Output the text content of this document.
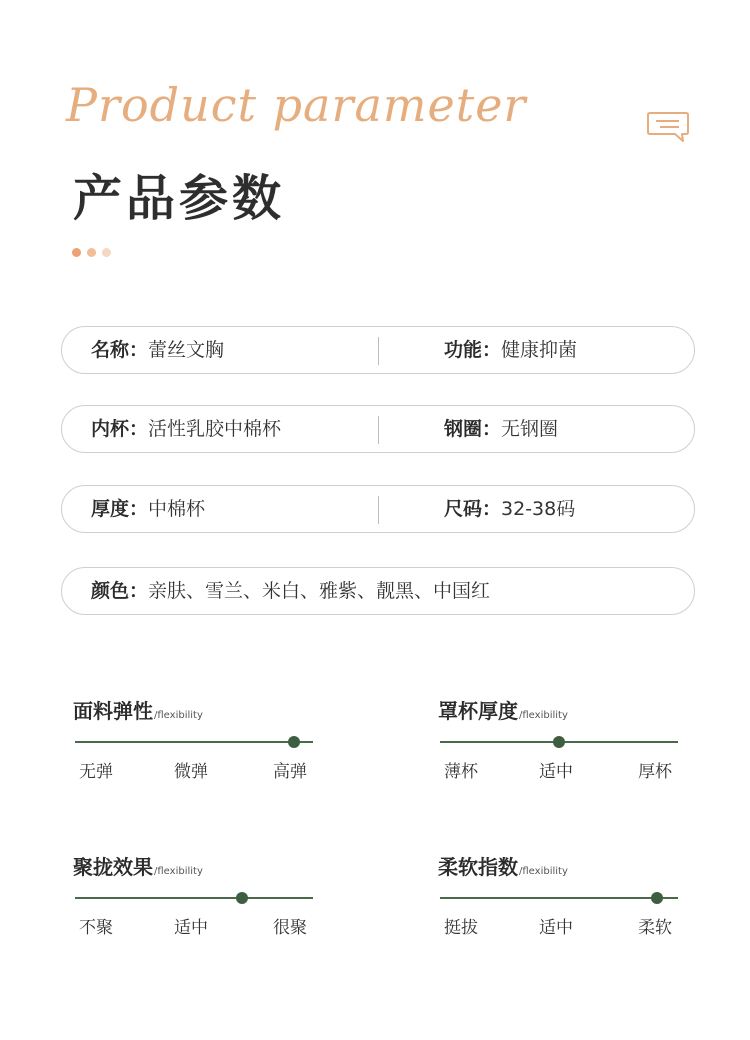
Product parameter
产品参数
名称：蕾丝文胸	功能：健康抑菌
内杯：活性乳胶中棉杯	钢圈：无钢圈
厚度：中棉杯	尺码：32-38码
颜色：亲肤、雪兰、米白、雅紫、靓黑、中国红
面料弹性/flexibility
无弹	微弹	高弹
罩杯厚度/flexibility
薄杯	适中	厚杯
聚拢效果/flexibility
不聚	适中	很聚
柔软指数/flexibility
挺拔	适中	柔软
